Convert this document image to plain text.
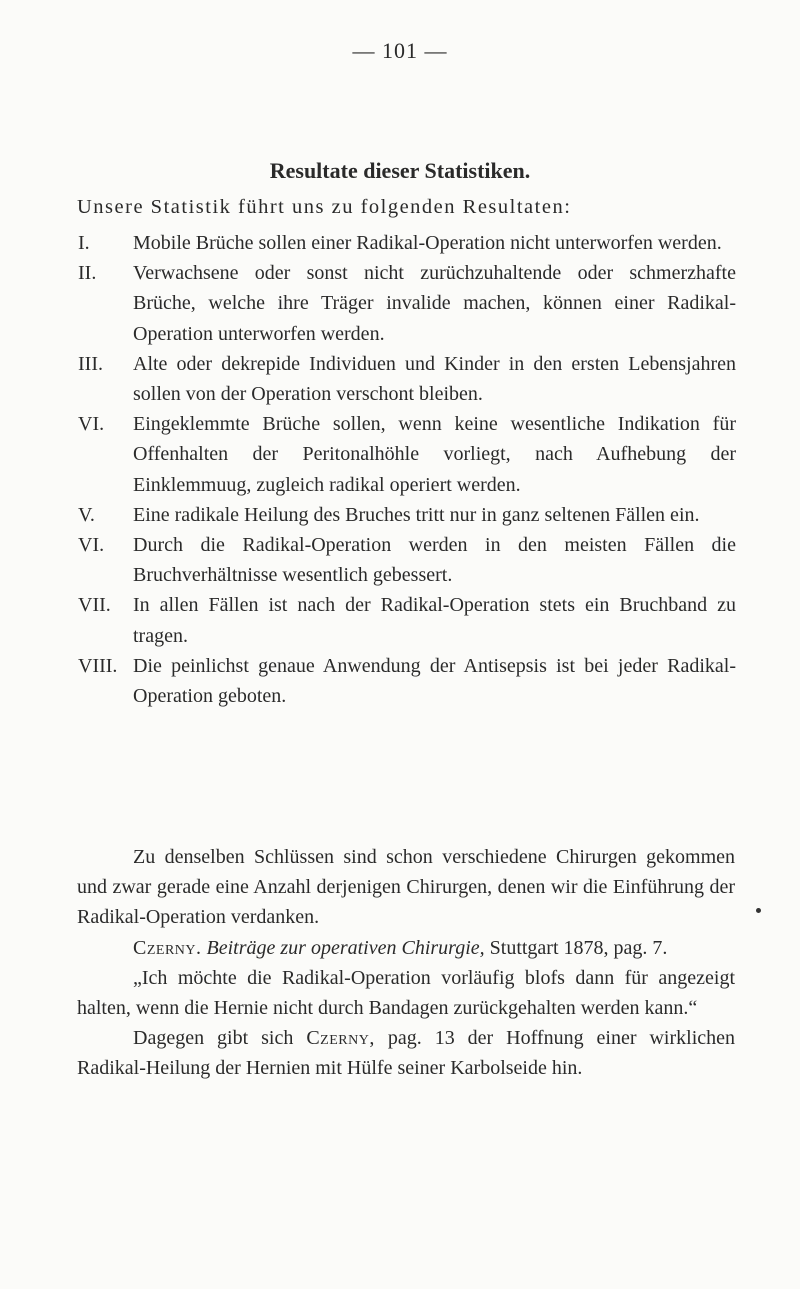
— 101 —
Resultate dieser Statistiken.
Unsere Statistik führt uns zu folgenden Resultaten:
I.	Mobile Brüche sollen einer Radikal-Operation nicht unterworfen werden.
II.	Verwachsene oder sonst nicht zurüchzuhaltende oder schmerzhafte Brüche, welche ihre Träger invalide machen, können einer Radikal-Operation unterworfen werden.
III.	Alte oder dekrepide Individuen und Kinder in den ersten Lebensjahren sollen von der Operation verschont bleiben.
VI.	Eingeklemmte Brüche sollen, wenn keine wesentliche Indikation für Offenhalten der Peritonalhöhle vorliegt, nach Aufhebung der Einklemmuug, zugleich radikal operiert werden.
V.	Eine radikale Heilung des Bruches tritt nur in ganz seltenen Fällen ein.
VI.	Durch die Radikal-Operation werden in den meisten Fällen die Bruchverhältnisse wesentlich gebessert.
VII.	In allen Fällen ist nach der Radikal-Operation stets ein Bruchband zu tragen.
VIII. Die peinlichst genaue Anwendung der Antisepsis ist bei jeder Radikal-Operation geboten.

Zu denselben Schlüssen sind schon verschiedene Chirurgen gekommen und zwar gerade eine Anzahl derjenigen Chirurgen, denen wir die Einführung der Radikal-Operation verdanken.

Czerny. Beiträge zur operativen Chirurgie, Stuttgart 1878, pag. 7.

„Ich möchte die Radikal-Operation vorläufig blofs dann für angezeigt halten, wenn die Hernie nicht durch Bandagen zurückgehalten werden kann.“

Dagegen gibt sich Czerny, pag. 13 der Hoffnung einer wirklichen Radikal-Heilung der Hernien mit Hülfe seiner Karbolseide hin.
